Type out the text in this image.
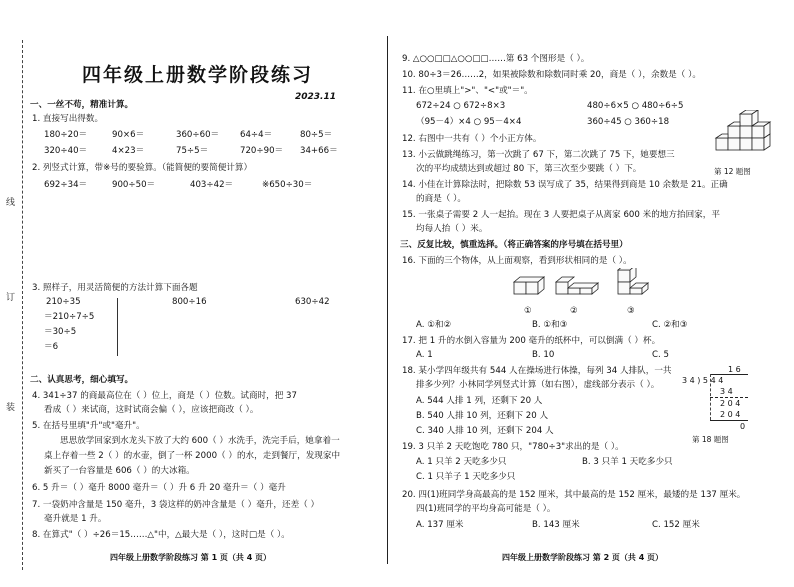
线
订
装
四年级上册数学阶段练习
2023.11
一、一丝不苟，精准计算。
1. 直接写出得数。
180÷20＝	90×6＝	360÷60＝ 64÷4＝	80÷5＝
320÷40＝	4×23＝	75÷5＝	720÷90＝ 34+66＝
2. 列竖式计算，带※号的要验算。（能简便的要简便计算）
692÷34＝	900÷50＝	403÷42＝	※650÷30＝
3. 照样子，用灵活简便的方法计算下面各题
210÷35
＝210÷7÷5
＝30÷5
＝6
800÷16	630÷42
二、认真思考，细心填写。
4. 341÷37 的商最高位在（ ）位上，商是（ ）位数。试商时，把 37
看成（ ）来试商，这时试商会偏（ ），应该把商改（ ）。
5. 在括号里填"升"或"毫升"。
思思放学回家到水龙头下放了大约 600（ ）水洗手，洗完手后，她拿着一
桌上存着一些 2（ ）的水壶，倒了一杯 2000（ ）的水，走到餐厅，发现家中
新买了一台容量是 606（ ）的大冰箱。
6. 5 升＝（ ）毫升 8000 毫升＝（ ）升 6 升 20 毫升＝（ ）毫升
7. 一袋奶冲含量是 150 毫升，3 袋这样的奶冲含量是（ ）毫升，还差（ ）
毫升就是 1 升。
8. 在算式"（ ）÷26＝15……△"中，△最大是（ ），这时□是（ ）。
四年级上册数学阶段练习 第 1 页（共 4 页）
9. △○○□□△○○□□……第 63 个图形是（ ）。
10. 80÷3＝26……2，如果被除数和除数同时乘 20，商是（ ），余数是（ ）。
11. 在○里填上">"、"<"或"＝"。
672÷24 ○ 672÷8×3	480÷6×5 ○ 480÷6÷5
（95－4）×4 ○ 95－4×4	360÷45 ○ 360÷18
第 12 题图
12. 右图中一共有（ ）个小正方体。
13. 小云做跳绳练习，第一次跳了 67 下，第二次跳了 75 下，她要想三
次的平均成绩达到或超过 80 下，第三次至少要跳（ ）下。
14. 小佳在计算除法时，把除数 53 误写成了 35，结果得到商是 10 余数是 21。正确
的商是（ ）。
15. 一张桌子需要 2 人一起抬。现在 3 人要把桌子从离家 600 米的地方抬回家，平
均每人抬（ ）米。
三、反复比较，慎重选择。（将正确答案的序号填在括号里）
16. 下面的三个物体，从上面观察，看到形状相同的是（ ）。
①	②	③
A. ①和②	B. ①和③	C. ②和③
17. 把 1 升的水倒入容量为 200 毫升的纸杯中，可以倒满（ ）杯。
A. 1	B. 10	C. 5
18. 某小学四年级共有 544 人在操场进行体操，每列 34 人排队，一共
排多少列？小林同学列竖式计算（如右图），虚线部分表示（ ）。
A. 544 人排 1 列，还剩下 20 人
B. 540 人排 10 列，还剩下 20 人
C. 340 人排 10 列，还剩下 204 人
1 6
3 4 ) 5 4 4
3 4
2 0 4
2 0 4
0
第 18 题图
19. 3 只羊 2 天吃饱吃 780 只，"780÷3"求出的是（ ）。
A. 1 只羊 2 天吃多少只	B. 3 只羊 1 天吃多少只
C. 1 只羊子 1 天吃多少只
20. 四(1)班同学身高最高的是 152 厘米，其中最高的是 152 厘米，最矮的是 137 厘米。
四(1)班同学的平均身高可能是（ ）。
A. 137 厘米	B. 143 厘米	C. 152 厘米
四年级上册数学阶段练习 第 2 页（共 4 页）
